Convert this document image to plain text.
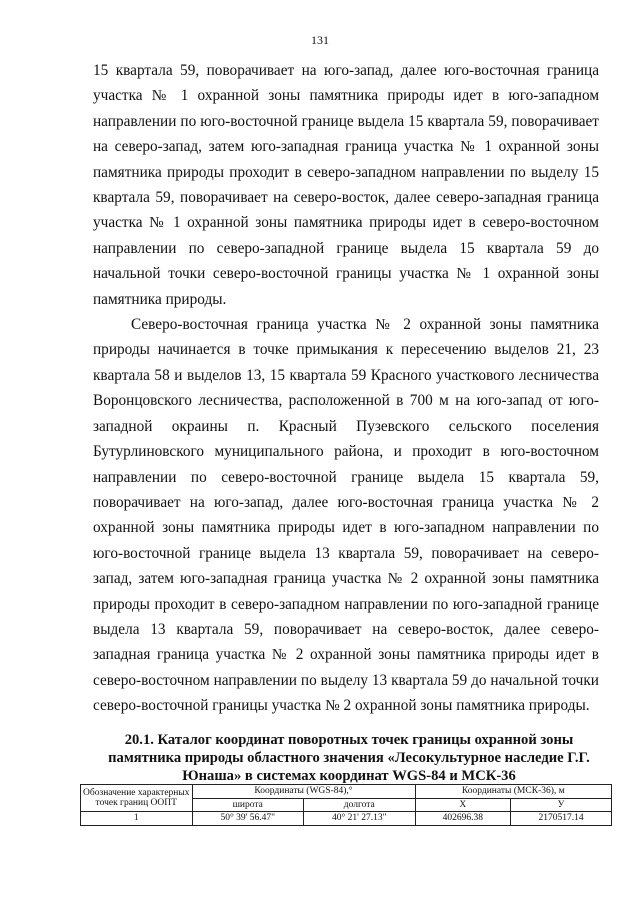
131

15 квартала 59, поворачивает на юго-запад, далее юго-восточная граница участка № 1 охранной зоны памятника природы идет в юго-западном направлении по юго-восточной границе выдела 15 квартала 59, поворачивает на северо-запад, затем юго-западная граница участка № 1 охранной зоны памятника природы проходит в северо-западном направлении по выделу 15 квартала 59, поворачивает на северо-восток, далее северо-западная граница участка № 1 охранной зоны памятника природы идет в северо-восточном направлении по северо-западной границе выдела 15 квартала 59 до начальной точки северо-восточной границы участка № 1 охранной зоны памятника природы.

Северо-восточная граница участка № 2 охранной зоны памятника природы начинается в точке примыкания к пересечению выделов 21, 23 квартала 58 и выделов 13, 15 квартала 59 Красного участкового лесничества Воронцовского лесничества, расположенной в 700 м на юго-запад от юго-западной окраины п. Красный Пузевского сельского поселения Бутурлиновского муниципального района, и проходит в юго-восточном направлении по северо-восточной границе выдела 15 квартала 59, поворачивает на юго-запад, далее юго-восточная граница участка № 2 охранной зоны памятника природы идет в юго-западном направлении по юго-восточной границе выдела 13 квартала 59, поворачивает на северо-запад, затем юго-западная граница участка № 2 охранной зоны памятника природы проходит в северо-западном направлении по юго-западной границе выдела 13 квартала 59, поворачивает на северо-восток, далее северо-западная граница участка № 2 охранной зоны памятника природы идет в северо-восточном направлении по выделу 13 квартала 59 до начальной точки северо-восточной границы участка № 2 охранной зоны памятника природы.

20.1. Каталог координат поворотных точек границы охранной зоны памятника природы областного значения «Лесокультурное наследие Г.Г. Юнаша» в системах координат WGS-84 и МСК-36
Обозначение характерных точек границ ООПТ	Координаты (WGS-84),°		Координаты (МСК-36), м	
	широта	долгота	X	У
1	50° 39' 56.47"	40° 21' 27.13"	402696.38	2170517.14
